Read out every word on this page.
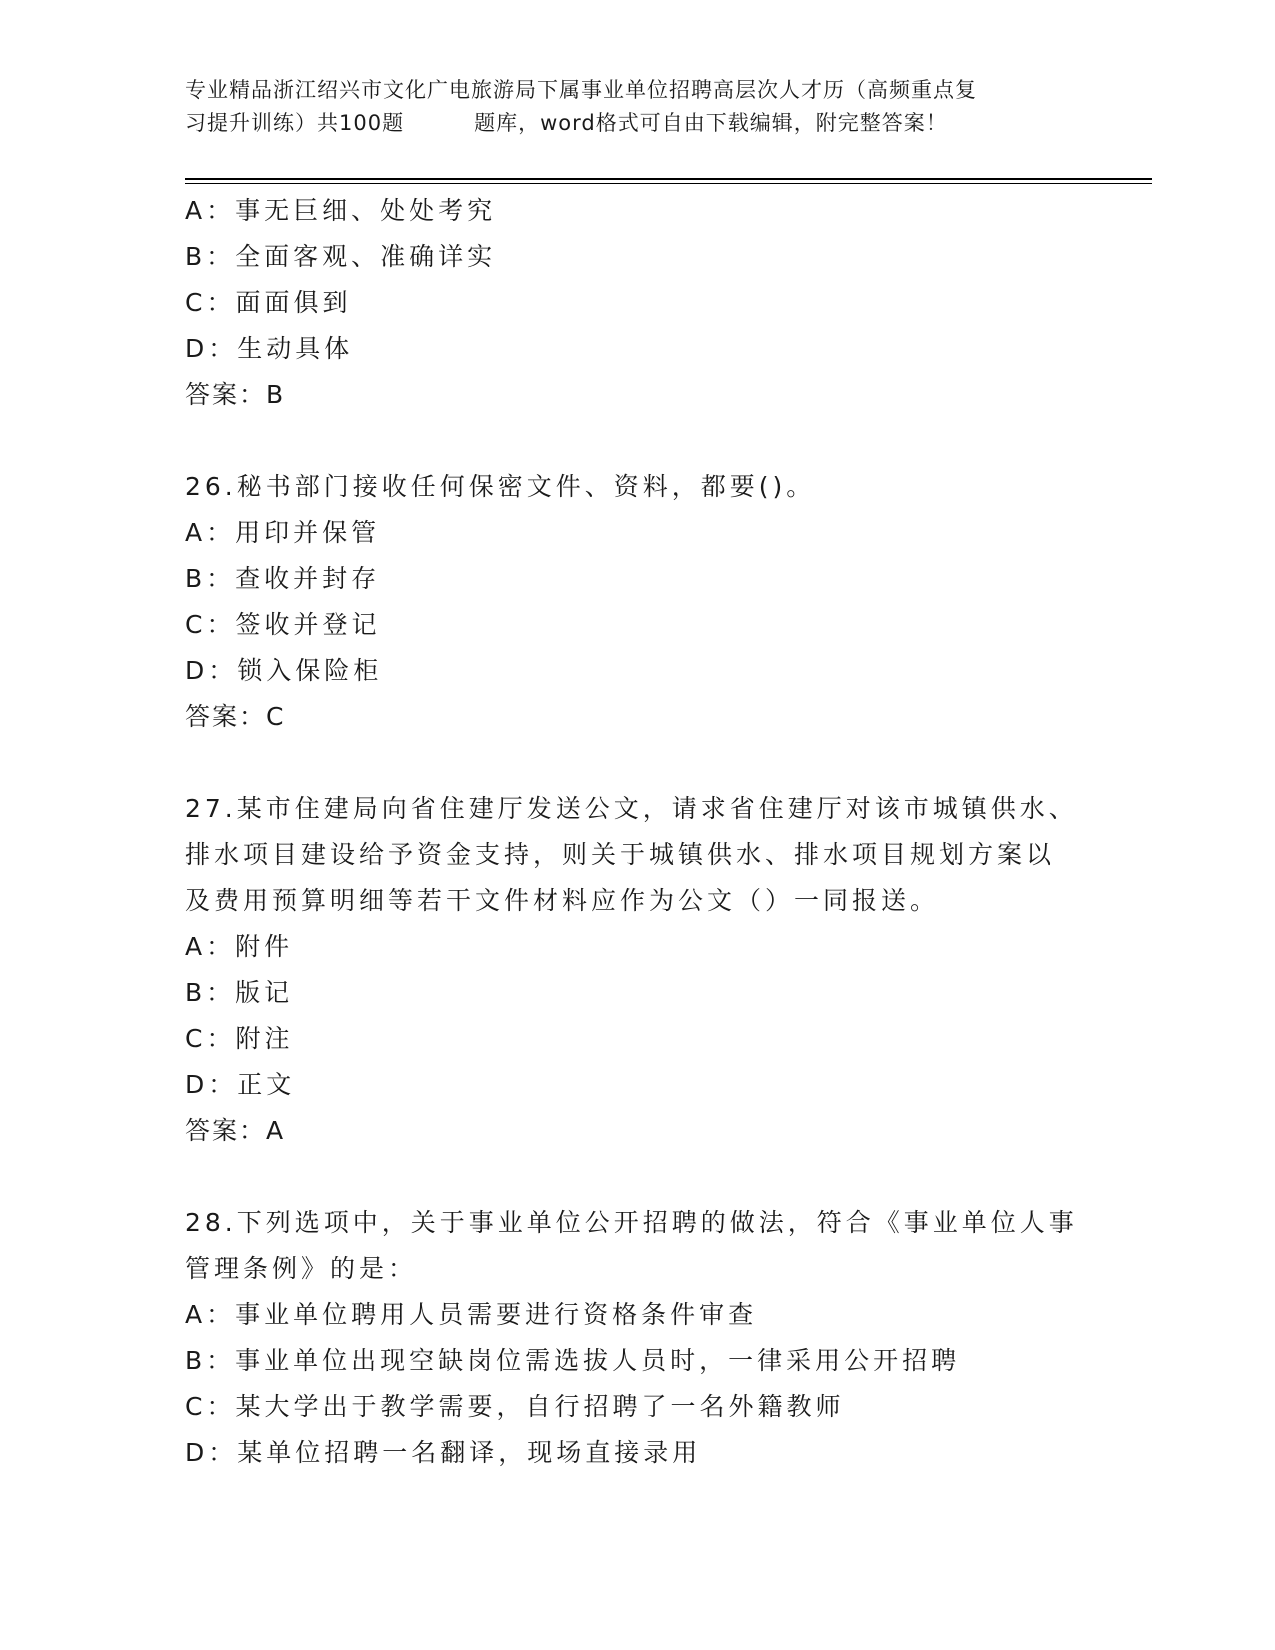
专业精品浙江绍兴市文化广电旅游局下属事业单位招聘高层次人才历（高频重点复
习提升训练）共100题	题库，word格式可自由下载编辑，附完整答案！
A：事无巨细、处处考究
B：全面客观、准确详实
C：面面俱到
D：生动具体
答案：B
26.秘书部门接收任何保密文件、资料，都要()。
A：用印并保管
B：查收并封存
C：签收并登记
D：锁入保险柜
答案：C
27.某市住建局向省住建厅发送公文，请求省住建厅对该市城镇供水、
排水项目建设给予资金支持，则关于城镇供水、排水项目规划方案以
及费用预算明细等若干文件材料应作为公文（）一同报送。
A：附件
B：版记
C：附注
D：正文
答案：A
28.下列选项中，关于事业单位公开招聘的做法，符合《事业单位人事
管理条例》的是：
A：事业单位聘用人员需要进行资格条件审查
B：事业单位出现空缺岗位需选拔人员时，一律采用公开招聘
C：某大学出于教学需要，自行招聘了一名外籍教师
D：某单位招聘一名翻译，现场直接录用
